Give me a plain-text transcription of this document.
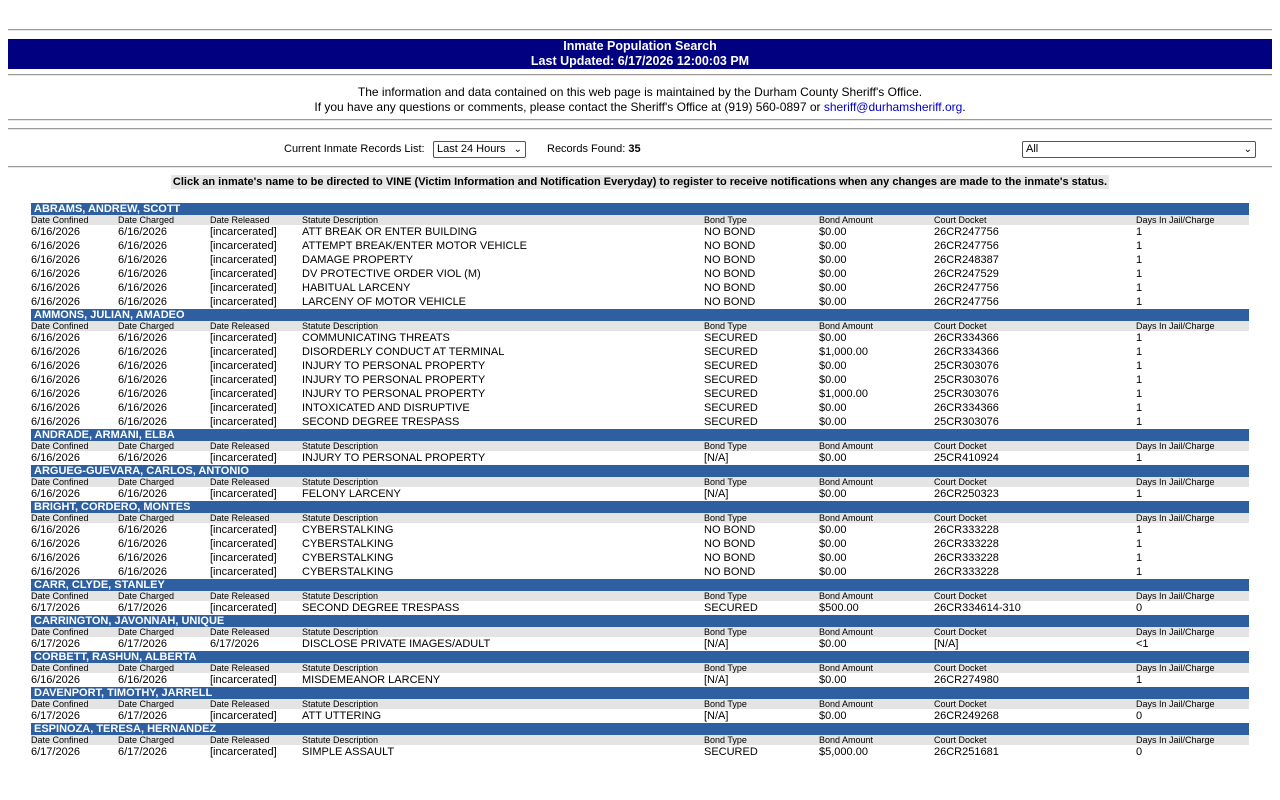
Inmate Population Search
Last Updated: 6/17/2026 12:00:03 PM
The information and data contained on this web page is maintained by the Durham County Sheriff's Office.
If you have any questions or comments, please contact the Sheriff's Office at (919) 560-0897 or sheriff@durhamsheriff.org.
Current Inmate Records List:	Last 24 Hours ⌄ Records Found: 35	All	⌄
Click an inmate's name to be directed to VINE (Victim Information and Notification Everyday) to register to receive notifications when any changes are made to the inmate's status.
ABRAMS, ANDREW, SCOTT
Date Confined	Date Charged	Date Released	Statute Description	Bond Type	Bond Amount	Court Docket	Days In Jail/Charge
6/16/2026	6/16/2026	[incarcerated] ATT BREAK OR ENTER BUILDING	NO BOND	$0.00	26CR247756	1
6/16/2026	6/16/2026	[incarcerated] ATTEMPT BREAK/ENTER MOTOR VEHICLE	NO BOND	$0.00	26CR247756	1
6/16/2026	6/16/2026	[incarcerated] DAMAGE PROPERTY	NO BOND	$0.00	26CR248387	1
6/16/2026	6/16/2026	[incarcerated] DV PROTECTIVE ORDER VIOL (M)	NO BOND	$0.00	26CR247529	1
6/16/2026	6/16/2026	[incarcerated] HABITUAL LARCENY	NO BOND	$0.00	26CR247756	1
6/16/2026	6/16/2026	[incarcerated] LARCENY OF MOTOR VEHICLE	NO BOND	$0.00	26CR247756	1
AMMONS, JULIAN, AMADEO
Date Confined	Date Charged	Date Released	Statute Description	Bond Type	Bond Amount	Court Docket	Days In Jail/Charge
6/16/2026	6/16/2026	[incarcerated] COMMUNICATING THREATS	SECURED	$0.00	26CR334366	1
6/16/2026	6/16/2026	[incarcerated] DISORDERLY CONDUCT AT TERMINAL	SECURED	$1,000.00	26CR334366	1
6/16/2026	6/16/2026	[incarcerated] INJURY TO PERSONAL PROPERTY	SECURED	$0.00	25CR303076	1
6/16/2026	6/16/2026	[incarcerated] INJURY TO PERSONAL PROPERTY	SECURED	$0.00	25CR303076	1
6/16/2026	6/16/2026	[incarcerated] INJURY TO PERSONAL PROPERTY	SECURED	$1,000.00	25CR303076	1
6/16/2026	6/16/2026	[incarcerated] INTOXICATED AND DISRUPTIVE	SECURED	$0.00	26CR334366	1
6/16/2026	6/16/2026	[incarcerated] SECOND DEGREE TRESPASS	SECURED	$0.00	25CR303076	1
ANDRADE, ARMANI, ELBA
Date Confined	Date Charged	Date Released	Statute Description	Bond Type	Bond Amount	Court Docket	Days In Jail/Charge
6/16/2026	6/16/2026	[incarcerated] INJURY TO PERSONAL PROPERTY	[N/A]	$0.00	25CR410924	1
ARGUEG-GUEVARA, CARLOS, ANTONIO
Date Confined	Date Charged	Date Released	Statute Description	Bond Type	Bond Amount	Court Docket	Days In Jail/Charge
6/16/2026	6/16/2026	[incarcerated] FELONY LARCENY	[N/A]	$0.00	26CR250323	1
BRIGHT, CORDERO, MONTES
Date Confined	Date Charged	Date Released	Statute Description	Bond Type	Bond Amount	Court Docket	Days In Jail/Charge
6/16/2026	6/16/2026	[incarcerated] CYBERSTALKING	NO BOND	$0.00	26CR333228	1
6/16/2026	6/16/2026	[incarcerated] CYBERSTALKING	NO BOND	$0.00	26CR333228	1
6/16/2026	6/16/2026	[incarcerated] CYBERSTALKING	NO BOND	$0.00	26CR333228	1
6/16/2026	6/16/2026	[incarcerated] CYBERSTALKING	NO BOND	$0.00	26CR333228	1
CARR, CLYDE, STANLEY
Date Confined	Date Charged	Date Released	Statute Description	Bond Type	Bond Amount	Court Docket	Days In Jail/Charge
6/17/2026	6/17/2026	[incarcerated] SECOND DEGREE TRESPASS	SECURED	$500.00	26CR334614-310	0
CARRINGTON, JAVONNAH, UNIQUE
Date Confined	Date Charged	Date Released	Statute Description	Bond Type	Bond Amount	Court Docket	Days In Jail/Charge
6/17/2026	6/17/2026	6/17/2026	DISCLOSE PRIVATE IMAGES/ADULT	[N/A]	$0.00	[N/A]	<1
CORBETT, RASHUN, ALBERTA
Date Confined	Date Charged	Date Released	Statute Description	Bond Type	Bond Amount	Court Docket	Days In Jail/Charge
6/16/2026	6/16/2026	[incarcerated] MISDEMEANOR LARCENY	[N/A]	$0.00	26CR274980	1
DAVENPORT, TIMOTHY, JARRELL
Date Confined	Date Charged	Date Released	Statute Description	Bond Type	Bond Amount	Court Docket	Days In Jail/Charge
6/17/2026	6/17/2026	[incarcerated] ATT UTTERING	[N/A]	$0.00	26CR249268	0
ESPINOZA, TERESA, HERNANDEZ
Date Confined	Date Charged	Date Released	Statute Description	Bond Type	Bond Amount	Court Docket	Days In Jail/Charge
6/17/2026	6/17/2026	[incarcerated] SIMPLE ASSAULT	SECURED	$5,000.00	26CR251681	0
